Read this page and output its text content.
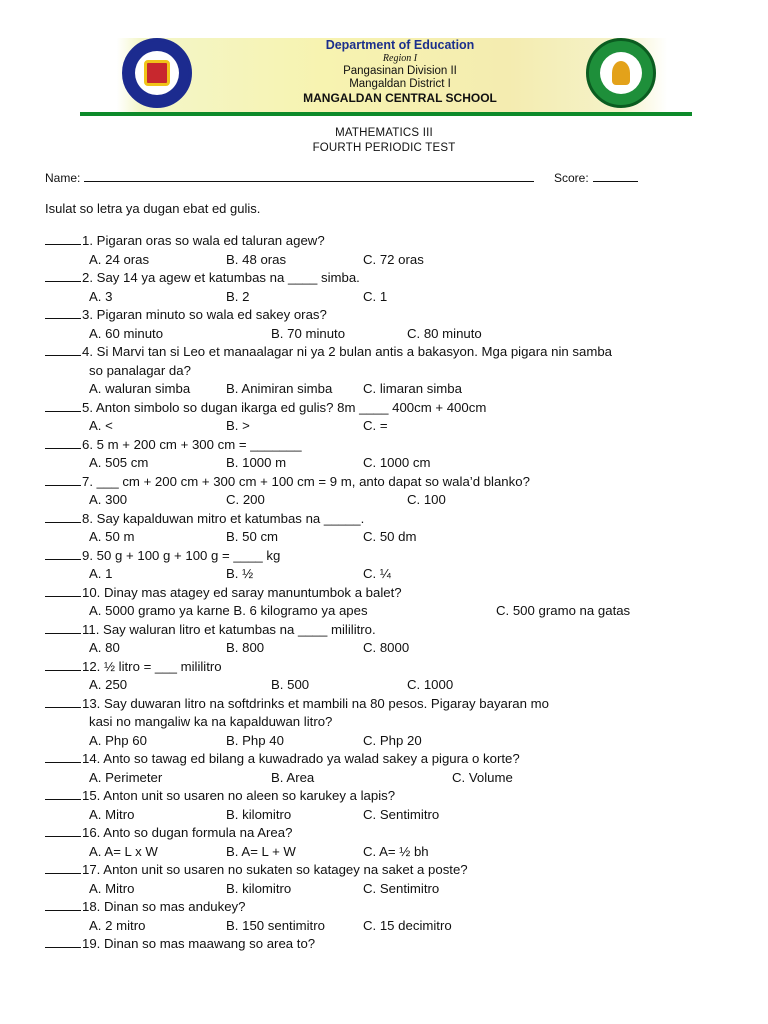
Department of Education
Region I
Pangasinan Division II
Mangaldan District I
MANGALDAN CENTRAL SCHOOL
MATHEMATICS III
FOURTH PERIODIC TEST
Name:	Score:
Isulat so letra ya dugan ebat ed gulis.
1. Pigaran oras so wala ed taluran agew?
A. 24 oras	B. 48 oras	C. 72 oras
2. Say 14 ya agew et katumbas na ____ simba.
A. 3	B. 2	C. 1
3. Pigaran minuto so wala ed sakey oras?
A. 60 minuto	B. 70 minuto	C. 80 minuto
4. Si Marvi tan si Leo et manaalagar ni ya 2 bulan antis a bakasyon. Mga pigara nin samba
so panalagar da?
A. waluran simba	B. Animiran simba C. limaran simba
5. Anton simbolo so dugan ikarga ed gulis? 8m ____ 400cm + 400cm
A. <	B. >	C. =
6. 5 m + 200 cm + 300 cm = _______
A. 505 cm	B. 1000 m	C. 1000 cm
7. ___ cm + 200 cm + 300 cm + 100 cm = 9 m, anto dapat so wala’d blanko?
A. 300	C. 200	C. 100
8. Say kapalduwan mitro et katumbas na _____.
A. 50 m	B. 50 cm	C. 50 dm
9. 50 g + 100 g + 100 g = ____ kg
A. 1	B. ½	C. ¼
10. Dinay mas atagey ed saray manuntumbok a balet?
A. 5000 gramo ya karne B. 6 kilogramo ya apes	C. 500 gramo na gatas
11. Say waluran litro et katumbas na ____ mililitro.
A. 80	B. 800	C. 8000
12. ½ litro = ___ mililitro
A. 250	B. 500	C. 1000
13. Say duwaran litro na softdrinks et mambili na 80 pesos. Pigaray bayaran mo
kasi no mangaliw ka na kapalduwan litro?
A. Php 60	B. Php 40	C. Php 20
14. Anto so tawag ed bilang a kuwadrado ya walad sakey a pigura o korte?
A. Perimeter	B. Area	C. Volume
15. Anton unit so usaren no aleen so karukey a lapis?
A. Mitro	B. kilomitro	C. Sentimitro
16. Anto so dugan formula na Area?
A. A= L x W	B. A= L + W	C. A= ½ bh
17. Anton unit so usaren no sukaten so katagey na saket a poste?
A. Mitro	B. kilomitro	C. Sentimitro
18. Dinan so mas andukey?
A. 2 mitro	B. 150 sentimitro	C. 15 decimitro
19. Dinan so mas maawang so area to?
